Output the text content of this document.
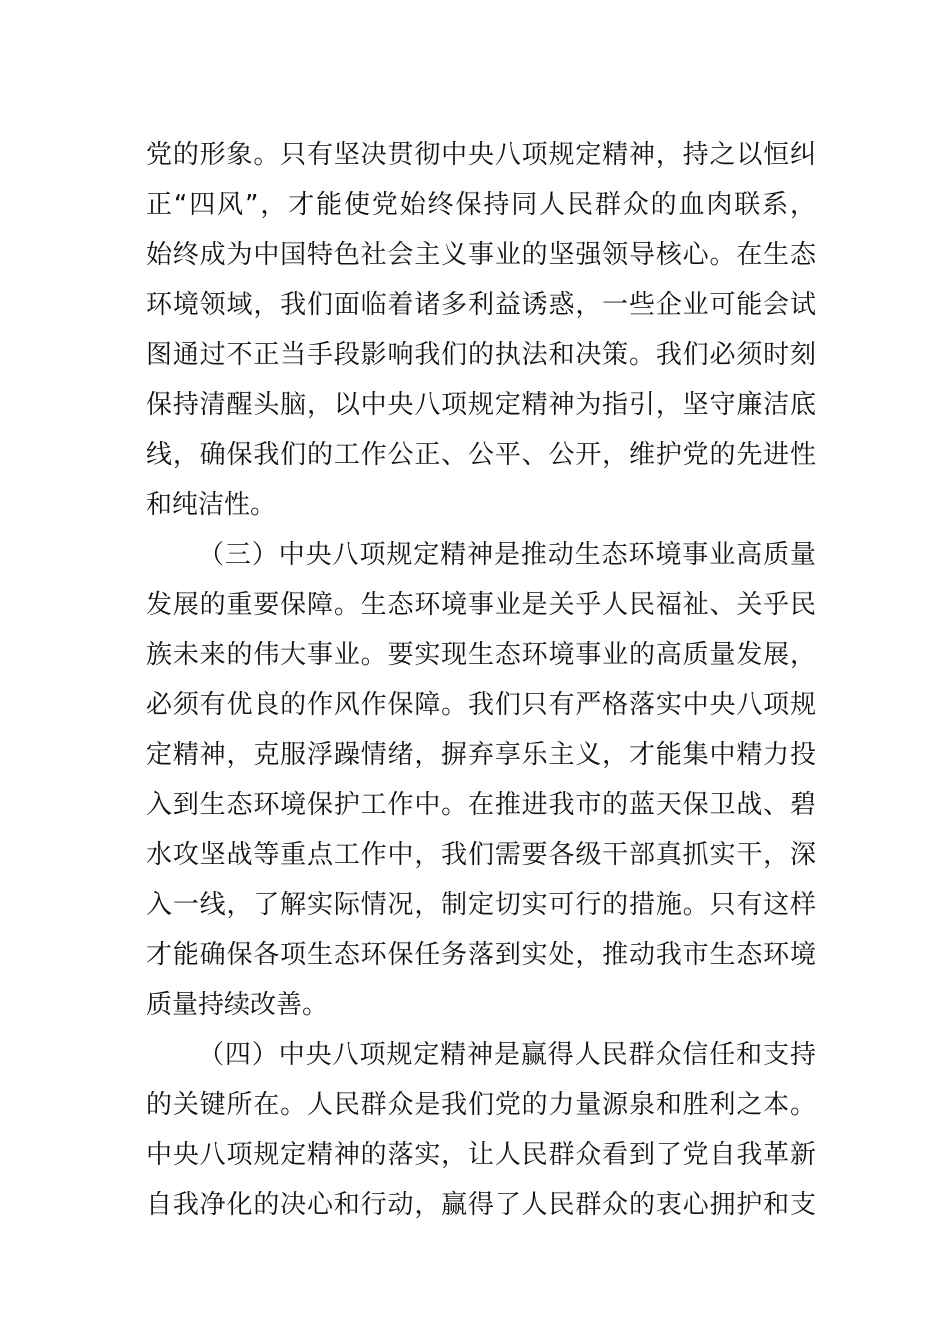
党的形象。只有坚决贯彻中央八项规定精神，持之以恒纠
正“四风”，才能使党始终保持同人民群众的血肉联系，
始终成为中国特色社会主义事业的坚强领导核心。在生态
环境领域，我们面临着诸多利益诱惑，一些企业可能会试
图通过不正当手段影响我们的执法和决策。我们必须时刻
保持清醒头脑，以中央八项规定精神为指引，坚守廉洁底
线，确保我们的工作公正、公平、公开，维护党的先进性
和纯洁性。
（三）中央八项规定精神是推动生态环境事业高质量
发展的重要保障。生态环境事业是关乎人民福祉、关乎民
族未来的伟大事业。要实现生态环境事业的高质量发展，
必须有优良的作风作保障。我们只有严格落实中央八项规
定精神，克服浮躁情绪，摒弃享乐主义，才能集中精力投
入到生态环境保护工作中。在推进我市的蓝天保卫战、碧
水攻坚战等重点工作中，我们需要各级干部真抓实干，深
入一线，了解实际情况，制定切实可行的措施。只有这样
才能确保各项生态环保任务落到实处，推动我市生态环境
质量持续改善。
（四）中央八项规定精神是赢得人民群众信任和支持
的关键所在。人民群众是我们党的力量源泉和胜利之本。
中央八项规定精神的落实，让人民群众看到了党自我革新
自我净化的决心和行动，赢得了人民群众的衷心拥护和支
